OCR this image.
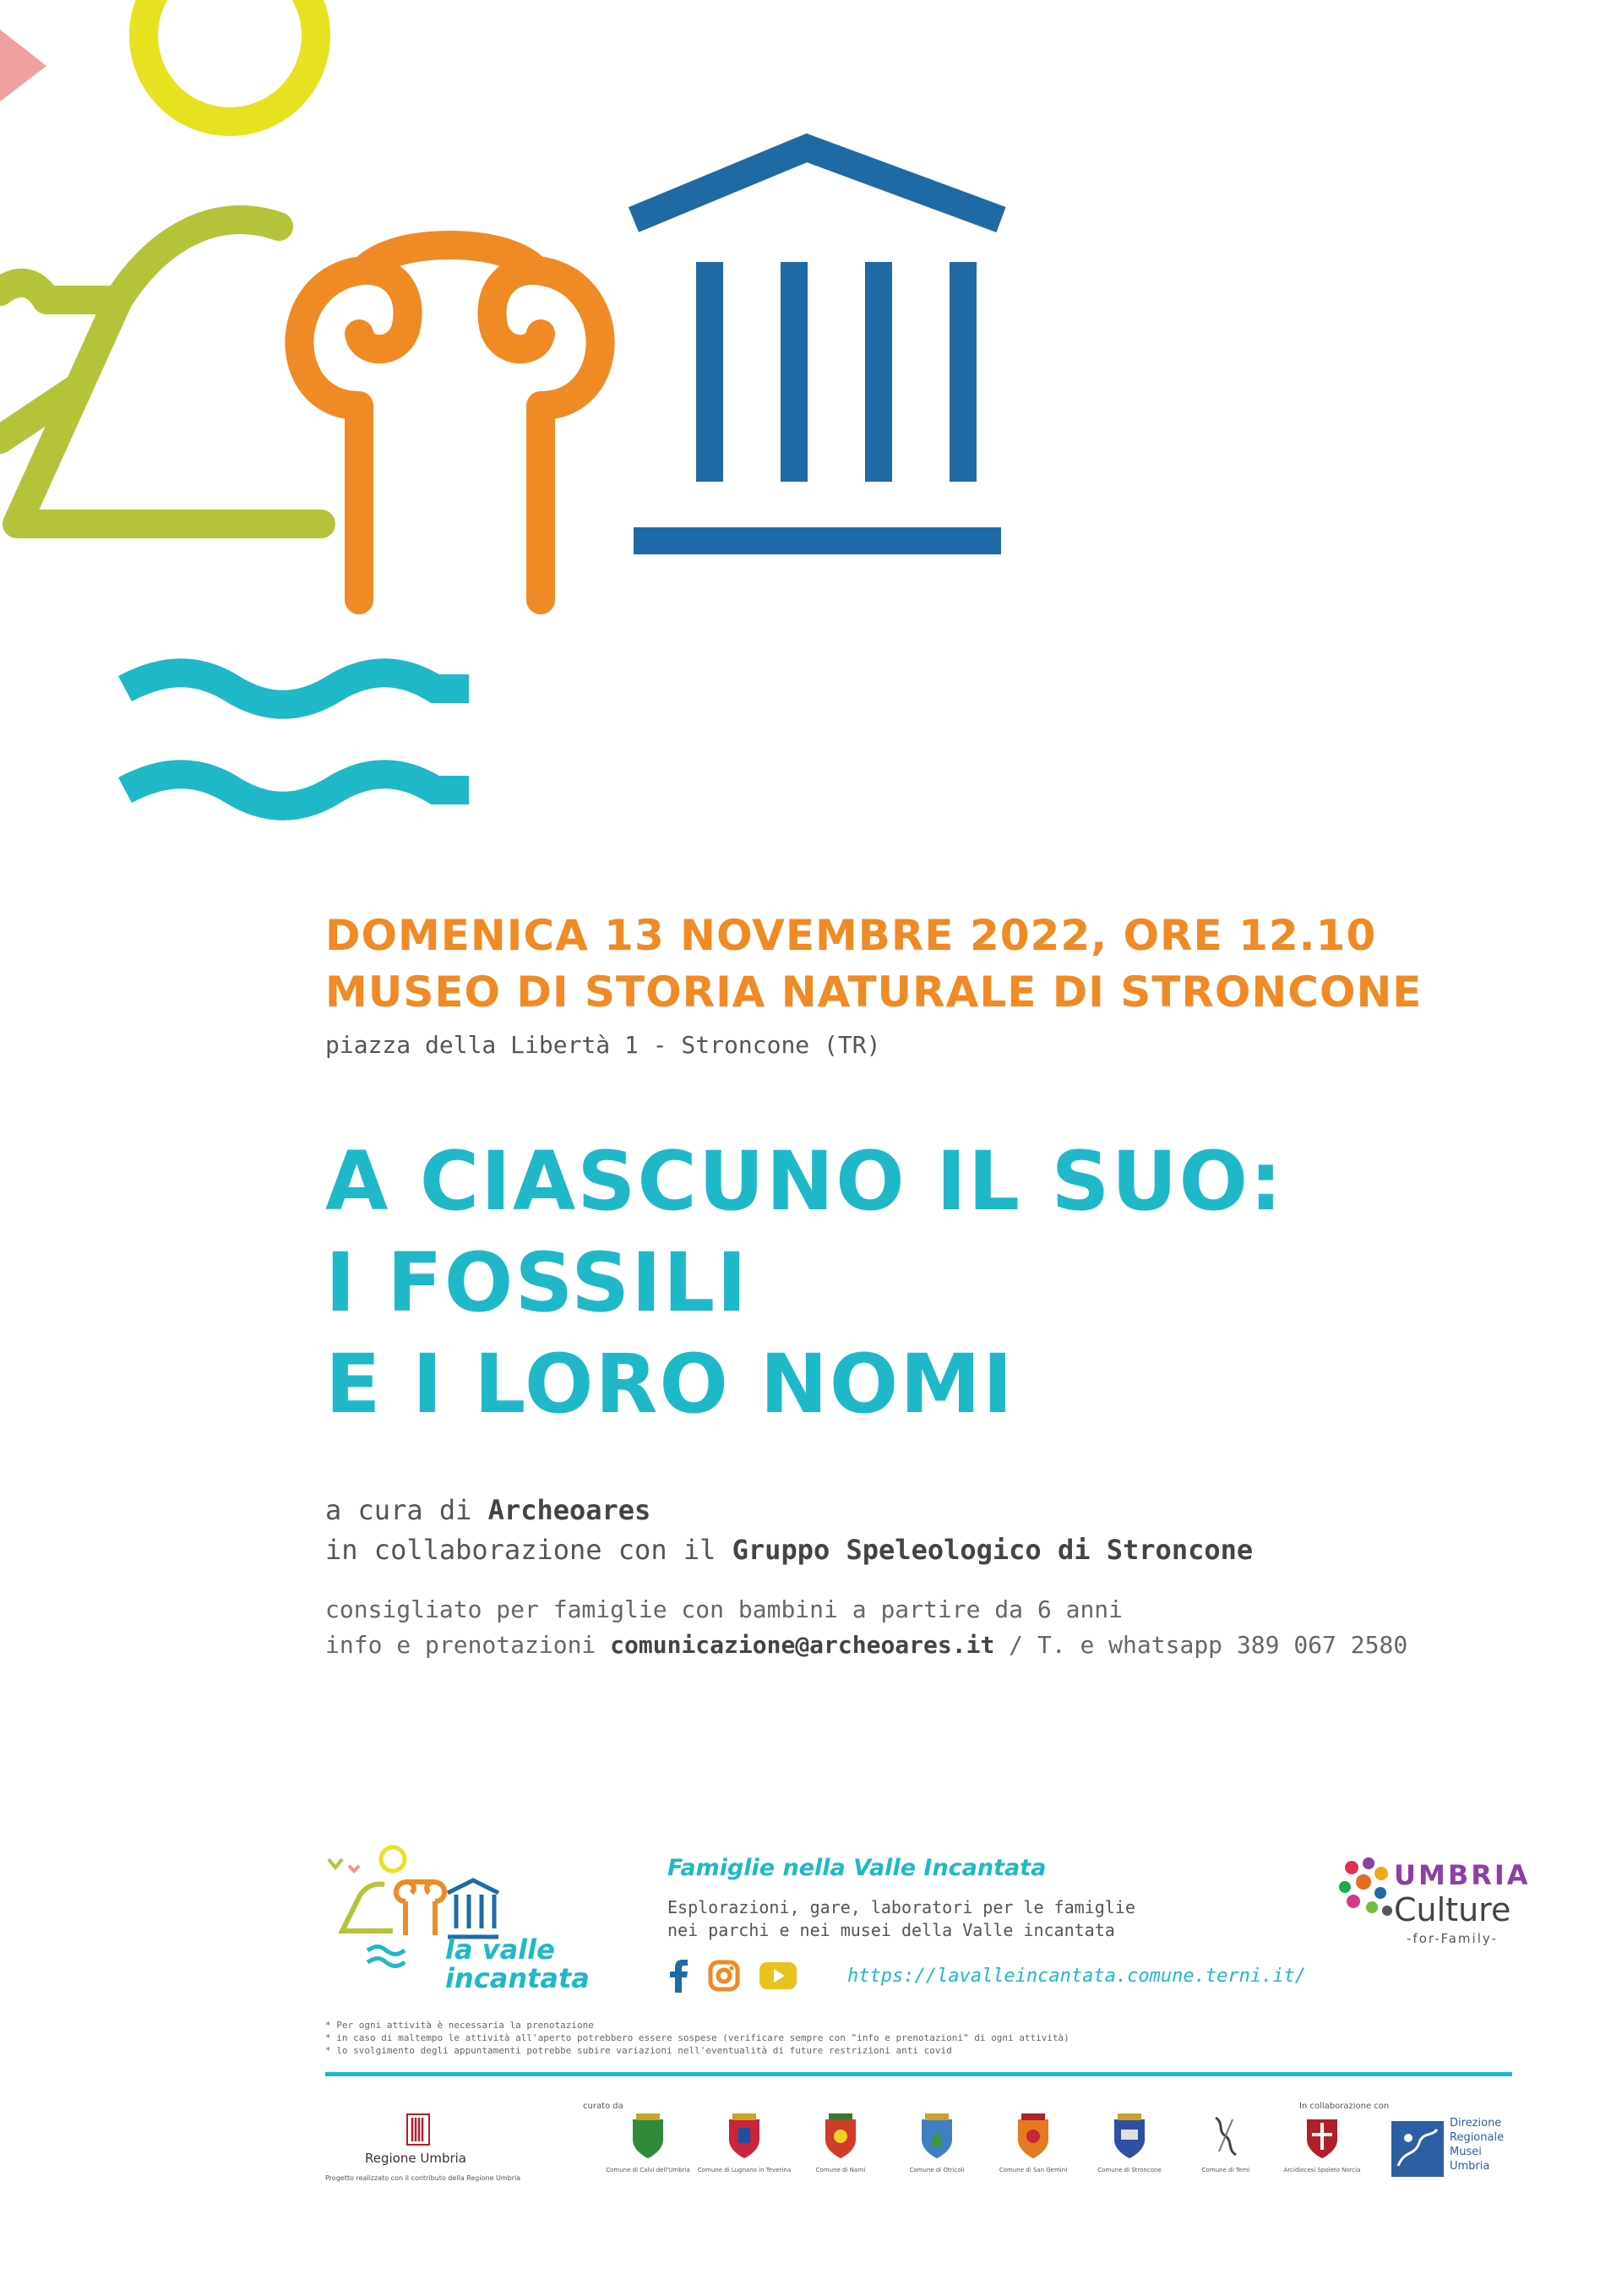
DOMENICA 13 NOVEMBRE 2022, ORE 12.10
MUSEO DI STORIA NATURALE DI STRONCONE
piazza della Libertà 1 - Stroncone (TR)
A CIASCUNO IL SUO:
I FOSSILI
E I LORO NOMI
a cura di Archeoares
in collaborazione con il Gruppo Speleologico di Stroncone
consigliato per famiglie con bambini a partire da 6 anni
info e prenotazioni comunicazione@archeoares.it / T. e whatsapp 389 067 2580
la valle
incantata
Famiglie nella Valle Incantata
Esplorazioni, gare, laboratori per le famiglie
nei parchi e nei musei della Valle incantata
https://lavalleincantata.comune.terni.it/
UMBRIA
Culture
-for-Family-
* Per ogni attività è necessaria la prenotazione
* in caso di maltempo le attività all'aperto potrebbero essere sospese (verificare sempre con "info e prenotazioni" di ogni attività)
* lo svolgimento degli appuntamenti potrebbe subire variazioni nell'eventualità di future restrizioni anti covid
Regione Umbria
Progetto realizzato con il contributo della Regione Umbria
curato da
Comune di Calvi dell'Umbria Comune di Lugnano in Teverina	Comune di Narni	Comune di Otricoli	Comune di San Gemini	Comune di Stroncone	Comune di Terni	Arcidiocesi Spoleto Norcia
In collaborazione con
Direzione
Regionale
Musei
Umbria
